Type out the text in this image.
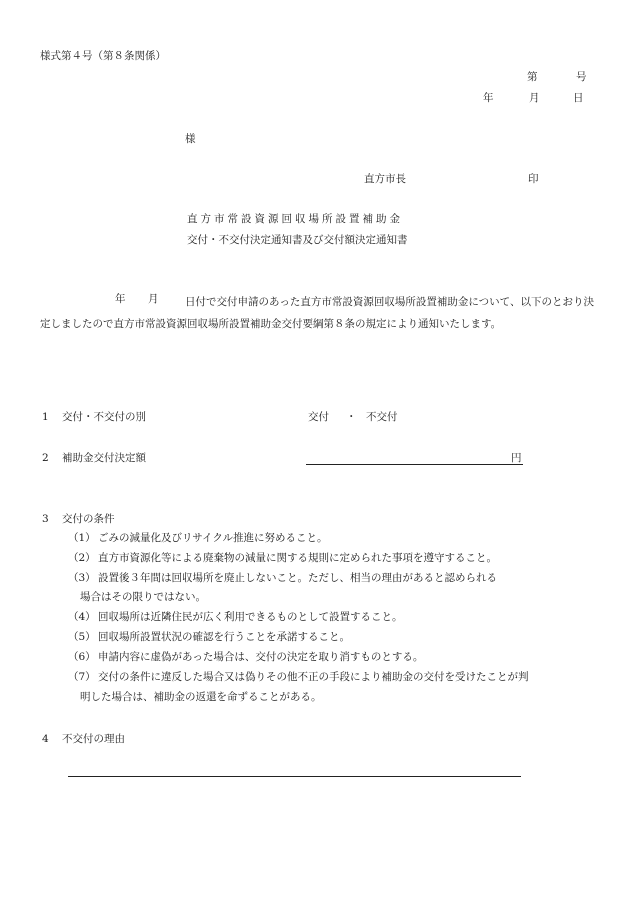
様式第４号（第８条関係）
第	号
年	月	日
様
直方市長	印
直方市常設資源回収場所設置補助金
交付・不交付決定通知書及び交付額決定通知書
年 月	日付で交付申請のあった直方市常設資源回収場所設置補助金について、以下のとおり決定しましたので直方市常設資源回収場所設置補助金交付要綱第８条の規定により通知いたします。
1 交付・不交付の別	交付 ・ 不交付
2 補助金交付決定額	円
3 交付の条件
（1） ごみの減量化及びリサイクル推進に努めること。
（2） 直方市資源化等による廃棄物の減量に関する規則に定められた事項を遵守すること。
（3） 設置後３年間は回収場所を廃止しないこと。ただし、相当の理由があると認められる
場合はその限りではない。
（4） 回収場所は近隣住民が広く利用できるものとして設置すること。
（5） 回収場所設置状況の確認を行うことを承諾すること。
（6） 申請内容に虚偽があった場合は、交付の決定を取り消すものとする。
（7） 交付の条件に違反した場合又は偽りその他不正の手段により補助金の交付を受けたことが判
明した場合は、補助金の返還を命ずることがある。
4 不交付の理由
